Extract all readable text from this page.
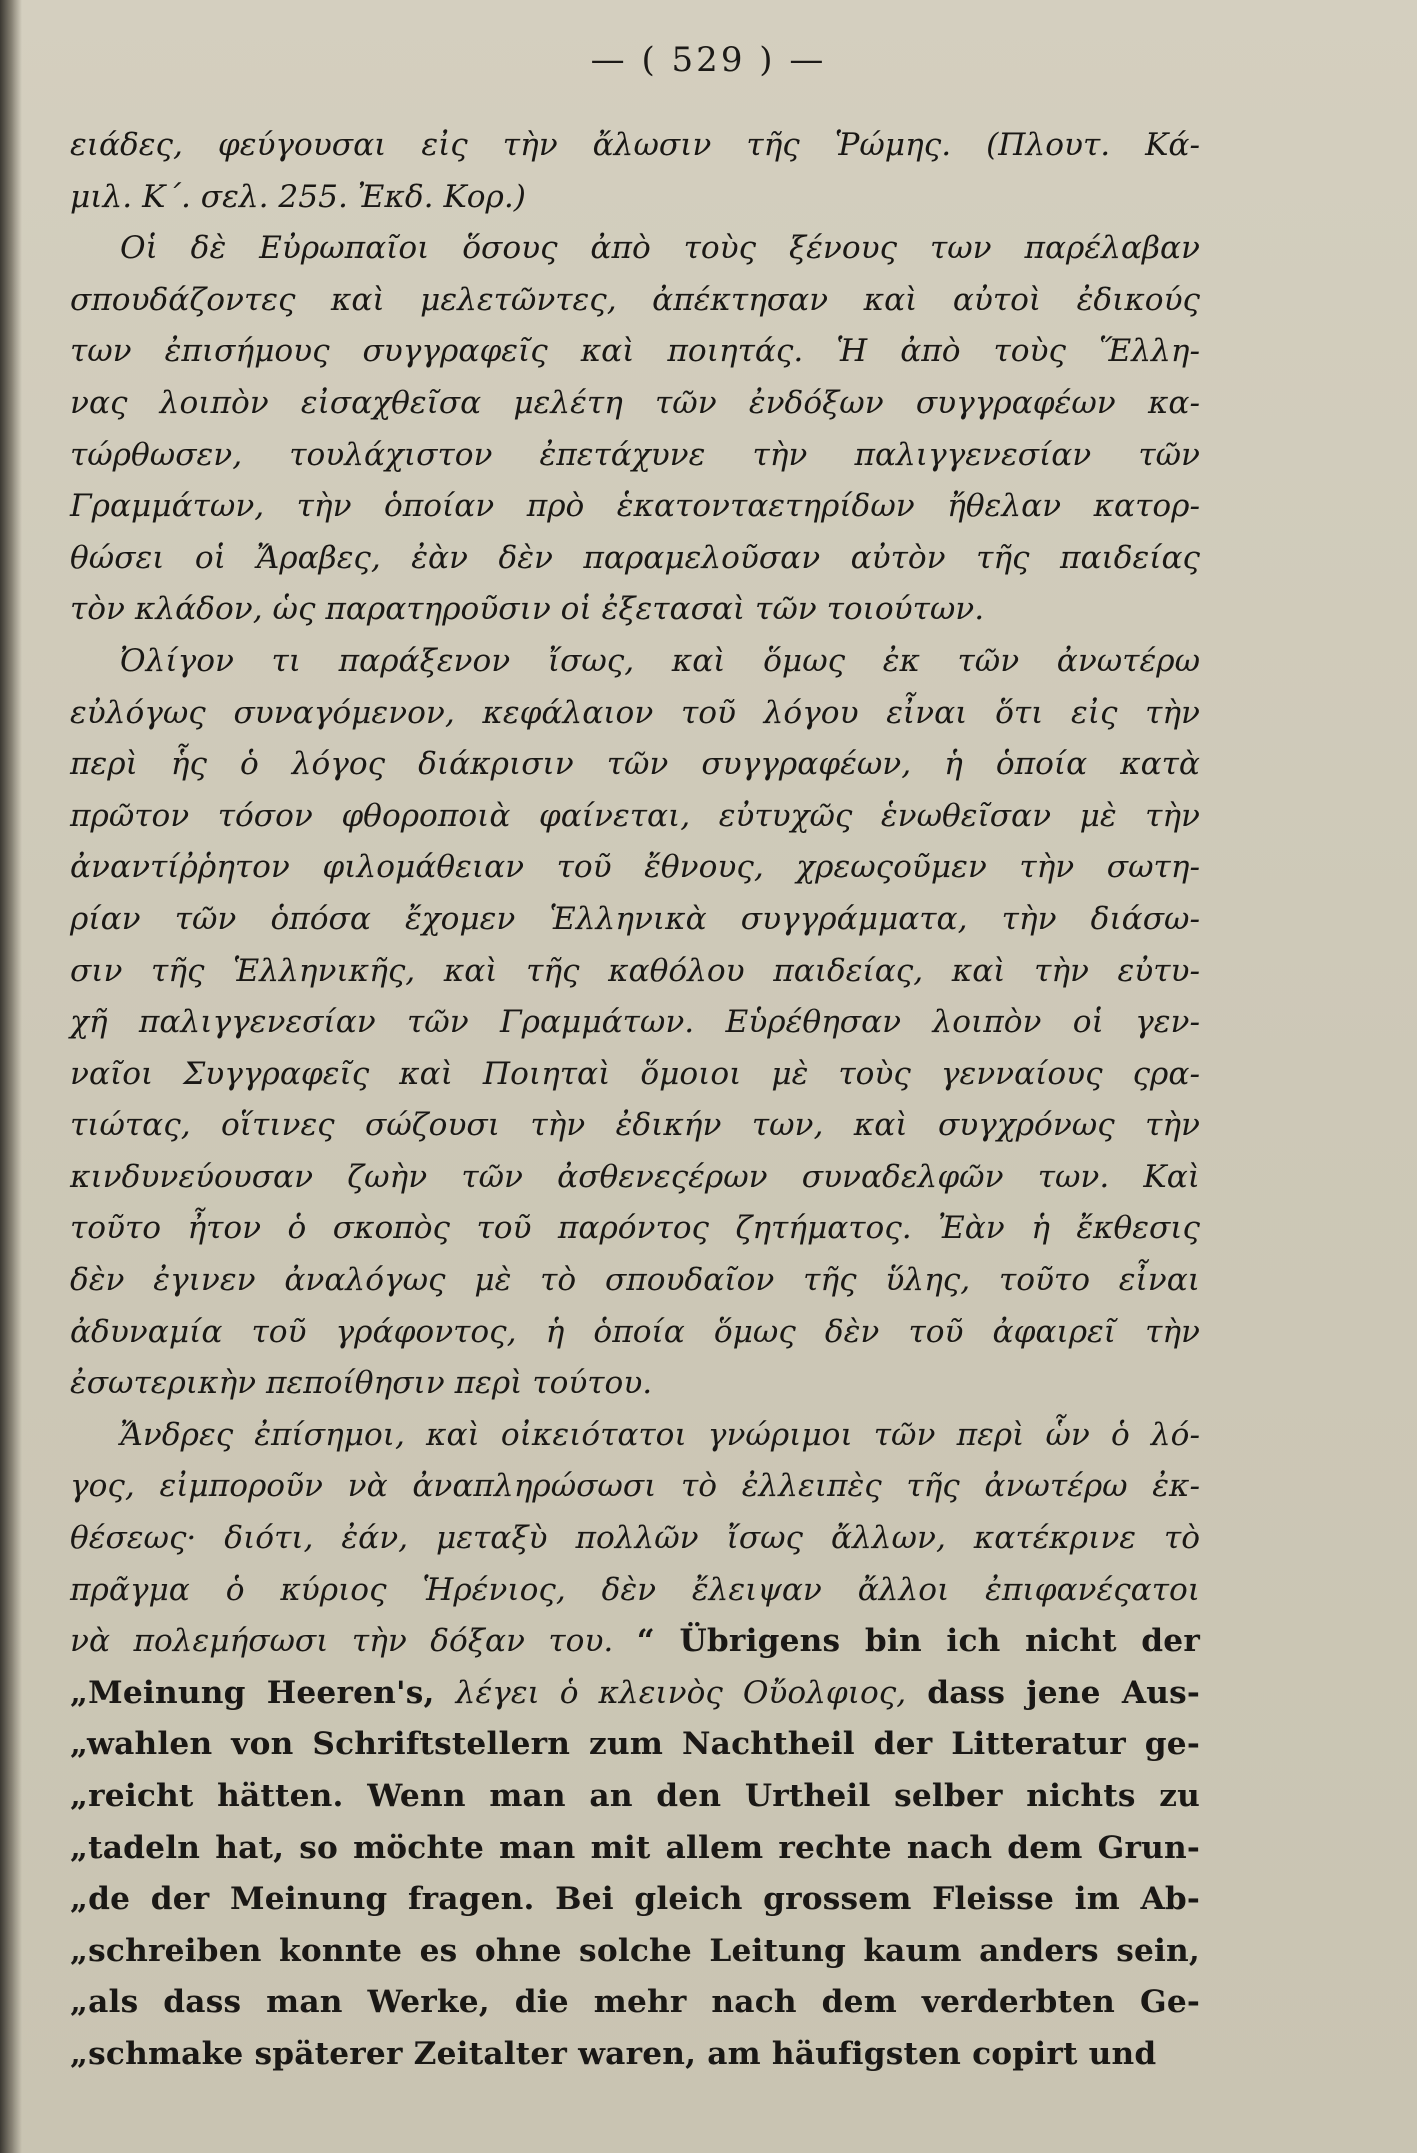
— ( 529 ) —
ειάδες, φεύγουσαι εἰς τὴν ἄλωσιν τῆς Ῥώμης. (Πλουτ. Κά-
μιλ. Κ΄. σελ. 255. Ἐκδ. Κορ.)
Οἱ δὲ Εὐρωπαῖοι ὅσους ἀπὸ τοὺς ξένους των παρέλαβαν
σπουδάζοντες καὶ μελετῶντες, ἀπέκτησαν καὶ αὐτοὶ ἐδικούς
των ἐπισήμους συγγραφεῖς καὶ ποιητάς. Ἡ ἀπὸ τοὺς Ἕλλη-
νας λοιπὸν εἰσαχθεῖσα μελέτη τῶν ἐνδόξων συγγραφέων κα-
τώρθωσεν, τουλάχιστον ἐπετάχυνε τὴν παλιγγενεσίαν τῶν
Γραμμάτων, τὴν ὁποίαν πρὸ ἑκατονταετηρίδων ἤθελαν κατορ-
θώσει οἱ Ἄραβες, ἐὰν δὲν παραμελοῦσαν αὐτὸν τῆς παιδείας
τὸν κλάδον, ὡς παρατηροῦσιν οἱ ἐξετασαὶ τῶν τοιούτων.
Ὀλίγον τι παράξενον ἴσως, καὶ ὅμως ἐκ τῶν ἀνωτέρω
εὐλόγως συναγόμενον, κεφάλαιον τοῦ λόγου εἶναι ὅτι εἰς τὴν
περὶ ἧς ὁ λόγος διάκρισιν τῶν συγγραφέων, ἡ ὁποία κατὰ
πρῶτον τόσον φθοροποιὰ φαίνεται, εὐτυχῶς ἑνωθεῖσαν μὲ τὴν
ἀναντίῤῥητον φιλομάθειαν τοῦ ἔθνους, χρεωςοῦμεν τὴν σωτη-
ρίαν τῶν ὁπόσα ἔχομεν Ἑλληνικὰ συγγράμματα, τὴν διάσω-
σιν τῆς Ἑλληνικῆς, καὶ τῆς καθόλου παιδείας, καὶ τὴν εὐτυ-
χῆ παλιγγενεσίαν τῶν Γραμμάτων. Εὑρέθησαν λοιπὸν οἱ γεν-
ναῖοι Συγγραφεῖς καὶ Ποιηταὶ ὅμοιοι μὲ τοὺς γενναίους ςρα-
τιώτας, οἵτινες σώζουσι τὴν ἐδικήν των, καὶ συγχρόνως τὴν
κινδυνεύουσαν ζωὴν τῶν ἀσθενεςέρων συναδελφῶν των. Καὶ
τοῦτο ἦτον ὁ σκοπὸς τοῦ παρόντος ζητήματος. Ἐὰν ἡ ἔκθεσις
δὲν ἐγινεν ἀναλόγως μὲ τὸ σπουδαῖον τῆς ὕλης, τοῦτο εἶναι
ἀδυναμία τοῦ γράφοντος, ἡ ὁποία ὅμως δὲν τοῦ ἀφαιρεῖ τὴν
ἐσωτερικὴν πεποίθησιν περὶ τούτου.
Ἄνδρες ἐπίσημοι, καὶ οἰκειότατοι γνώριμοι τῶν περὶ ὧν ὁ λό-
γος, εἰμποροῦν νὰ ἀναπληρώσωσι τὸ ἐλλειπὲς τῆς ἀνωτέρω ἐκ-
θέσεως· διότι, ἐάν, μεταξὺ πολλῶν ἴσως ἄλλων, κατέκρινε τὸ
πρᾶγμα ὁ κύριος Ἡρένιος, δὲν ἔλειψαν ἄλλοι ἐπιφανέςατοι
νὰ πολεμήσωσι τὴν δόξαν του. “ Übrigens bin ich nicht der
„Meinung Heeren's, λέγει ὁ κλεινὸς Οὔολφιος, dass jene Aus-
„wahlen von Schriftstellern zum Nachtheil der Litteratur ge-
„reicht hätten. Wenn man an den Urtheil selber nichts zu
„tadeln hat, so möchte man mit allem rechte nach dem Grun-
„de der Meinung fragen. Bei gleich grossem Fleisse im Ab-
„schreiben konnte es ohne solche Leitung kaum anders sein,
„als dass man Werke, die mehr nach dem verderbten Ge-
„schmake späterer Zeitalter waren, am häufigsten copirt und
